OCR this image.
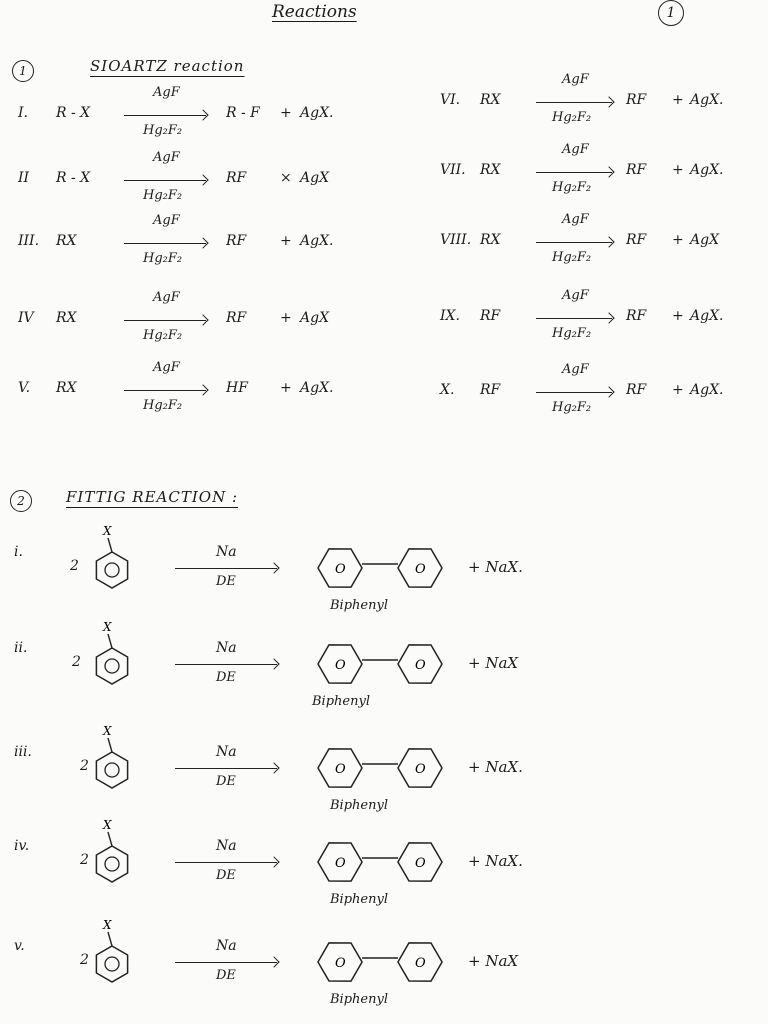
Reactions	1
1	SIOARTZ reaction
I. R - X
AgF
Hg₂F₂
R - F + AgX.
II R - X
AgF
Hg₂F₂
RF × AgX
III. RX
AgF
Hg₂F₂
RF + AgX.
IV RX
AgF
Hg₂F₂
RF + AgX
V. RX
AgF
Hg₂F₂
HF + AgX.
VI. RX
AgF
Hg₂F₂
RF + AgX.
VII. RX
AgF
Hg₂F₂
RF + AgX.
VIII. RX
AgF
Hg₂F₂
RF + AgX
IX. RF
AgF
Hg₂F₂
RF + AgX.
X. RF
AgF
Hg₂F₂
RF + AgX.
2	FITTIG REACTION :
i.
2
X
O	O
Na
DE
+ NaX.
Biphenyl
ii.
2
X
O	O
Na
DE
+ NaX
Biphenyl
iii.
2
X
O	O
Na
DE
+ NaX.
Biphenyl
iv.
2
X
O	O
Na
DE
+ NaX.
Biphenyl
v.
2
X
O	O
Na
DE
+ NaX
Biphenyl
